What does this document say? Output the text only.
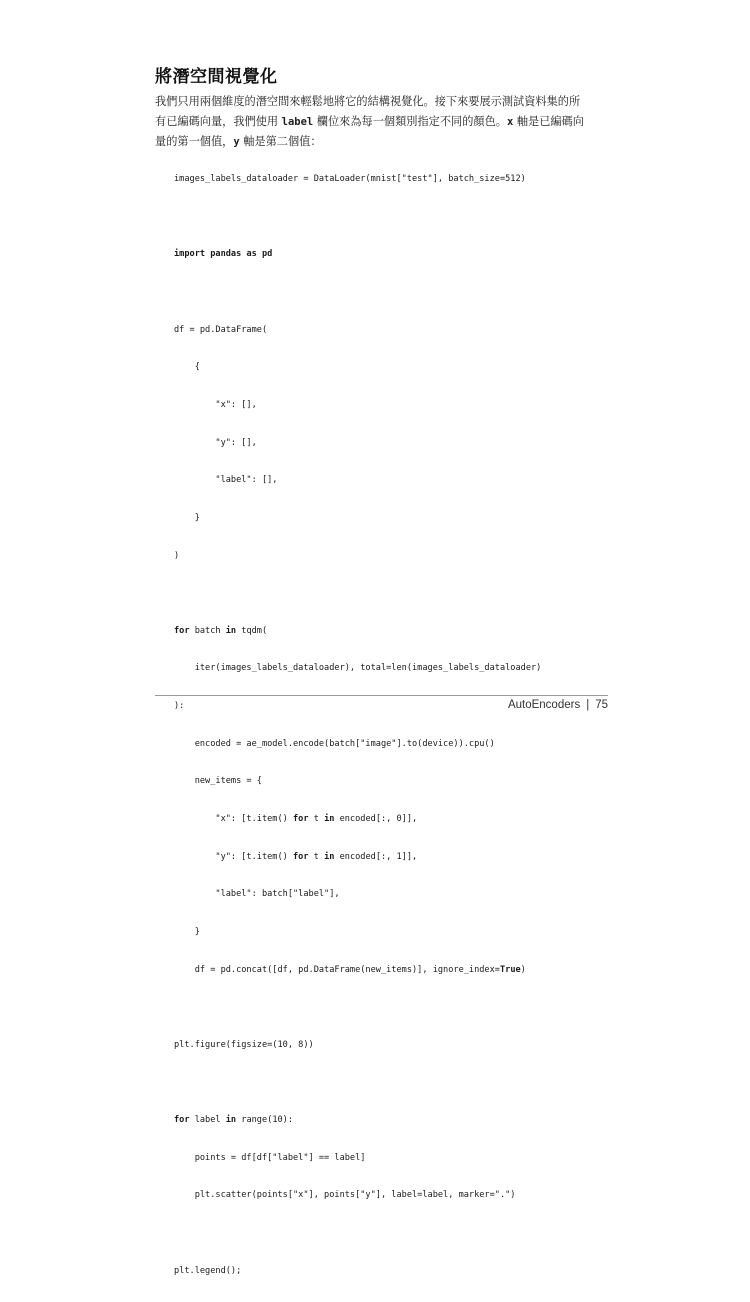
將潛空間視覺化
我們只用兩個維度的潛空間來輕鬆地將它的結構視覺化。接下來要展示測試資料集的所
有已編碼向量，我們使用 label 欄位來為每一個類別指定不同的顏色。x 軸是已編碼向
量的第一個值，y 軸是第二個值：

images_labels_dataloader = DataLoader(mnist["test"], batch_size=512)

import pandas as pd

df = pd.DataFrame(

{

"x": [],

"y": [],

"label": [],

}

)

for batch in tqdm(

iter(images_labels_dataloader), total=len(images_labels_dataloader)

):

encoded = ae_model.encode(batch["image"].to(device)).cpu()

new_items = {

"x": [t.item() for t in encoded[:, 0]],

"y": [t.item() for t in encoded[:, 1]],

"label": batch["label"],

}

df = pd.concat([df, pd.DataFrame(new_items)], ignore_index=True)

plt.figure(figsize=(10, 8))

for label in range(10):

points = df[df["label"] == label]

plt.scatter(points["x"], points["y"], label=label, marker=".")

plt.legend();

AutoEncoders | 75
